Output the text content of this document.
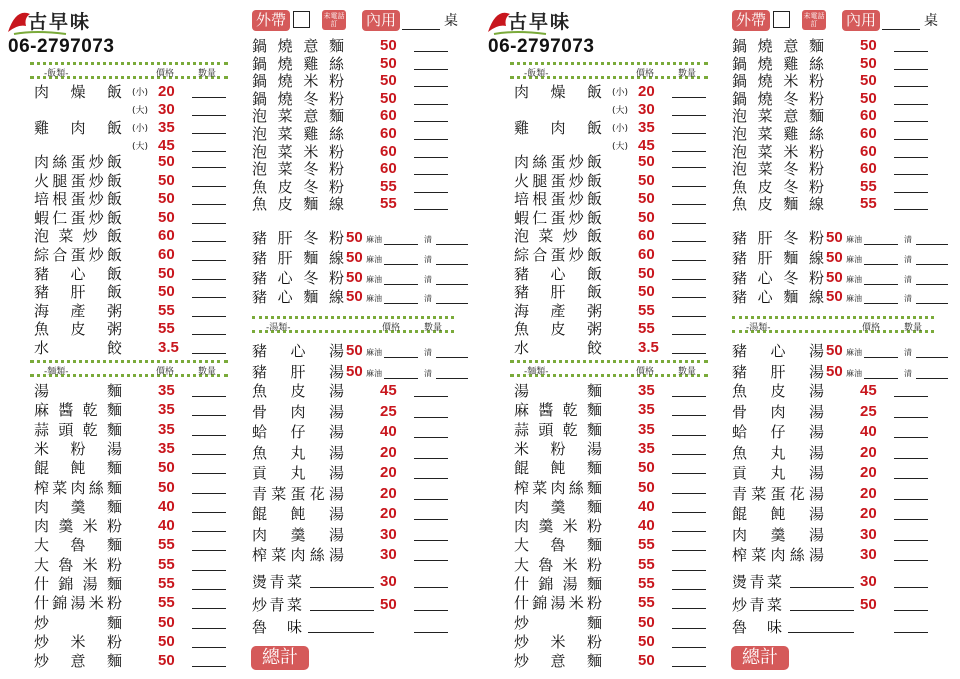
古早味
06-2797073
外帶	未電話訂	內用	桌
-飯類-	價格	數量
肉 燥 飯 (小) 20
(大) 30
雞 肉 飯 (小) 35
(大) 45
肉 絲 蛋 炒 飯 50
火 腿 蛋 炒 飯 50
培 根 蛋 炒 飯 50
蝦 仁 蛋 炒 飯 50
泡 菜 炒 飯 60
綜 合 蛋 炒 飯 60
豬 心 飯 50
豬 肝 飯 50
海 產 粥 55
魚 皮 粥 55
水	餃 3.5
-麵類-	價格	數量
湯	麵 35
麻 醬 乾 麵 35
蒜 頭 乾 麵 35
米 粉 湯 35
餛 飩 麵 50
榨 菜 肉 絲 麵 50
肉 羹 麵 40
肉 羹 米 粉 40
大 魯 麵 55
大 魯 米 粉 55
什 錦 湯 麵 55
什 錦 湯 米 粉 55
炒	麵 50
炒 米 粉 50
炒 意 麵 50
鍋 燒 意 麵 50
鍋 燒 雞 絲 50
鍋 燒 米 粉 50
鍋 燒 冬 粉 50
泡 菜 意 麵 60
泡 菜 雞 絲 60
泡 菜 米 粉 60
泡 菜 冬 粉 60
魚 皮 冬 粉 55
魚 皮 麵 線 55
豬 肝 冬 粉 50 麻油	清
豬 肝 麵 線 50 麻油	清
豬 心 冬 粉 50 麻油	清
豬 心 麵 線 50 麻油	清
-湯類-	價格	數量
豬 心 湯 50 麻油	清
豬 肝 湯 50 麻油	清
魚 皮 湯 45
骨 肉 湯 25
蛤 仔 湯 40
魚 丸 湯 20
貢 丸 湯 20
青 菜 蛋 花 湯 20
餛 飩 湯 20
肉 羹 湯 30
榨 菜 肉 絲 湯 30
燙 青 菜	30
炒 青 菜	50
魯 味
總計
古早味
06-2797073
外帶	未電話訂	內用	桌
-飯類-	價格	數量
肉 燥 飯 (小) 20
(大) 30
雞 肉 飯 (小) 35
(大) 45
肉 絲 蛋 炒 飯 50
火 腿 蛋 炒 飯 50
培 根 蛋 炒 飯 50
蝦 仁 蛋 炒 飯 50
泡 菜 炒 飯 60
綜 合 蛋 炒 飯 60
豬 心 飯 50
豬 肝 飯 50
海 產 粥 55
魚 皮 粥 55
水	餃 3.5
-麵類-	價格	數量
湯	麵 35
麻 醬 乾 麵 35
蒜 頭 乾 麵 35
米 粉 湯 35
餛 飩 麵 50
榨 菜 肉 絲 麵 50
肉 羹 麵 40
肉 羹 米 粉 40
大 魯 麵 55
大 魯 米 粉 55
什 錦 湯 麵 55
什 錦 湯 米 粉 55
炒	麵 50
炒 米 粉 50
炒 意 麵 50
鍋 燒 意 麵 50
鍋 燒 雞 絲 50
鍋 燒 米 粉 50
鍋 燒 冬 粉 50
泡 菜 意 麵 60
泡 菜 雞 絲 60
泡 菜 米 粉 60
泡 菜 冬 粉 60
魚 皮 冬 粉 55
魚 皮 麵 線 55
豬 肝 冬 粉 50 麻油	清
豬 肝 麵 線 50 麻油	清
豬 心 冬 粉 50 麻油	清
豬 心 麵 線 50 麻油	清
-湯類-	價格	數量
豬 心 湯 50 麻油	清
豬 肝 湯 50 麻油	清
魚 皮 湯 45
骨 肉 湯 25
蛤 仔 湯 40
魚 丸 湯 20
貢 丸 湯 20
青 菜 蛋 花 湯 20
餛 飩 湯 20
肉 羹 湯 30
榨 菜 肉 絲 湯 30
燙 青 菜	30
炒 青 菜	50
魯 味
總計
